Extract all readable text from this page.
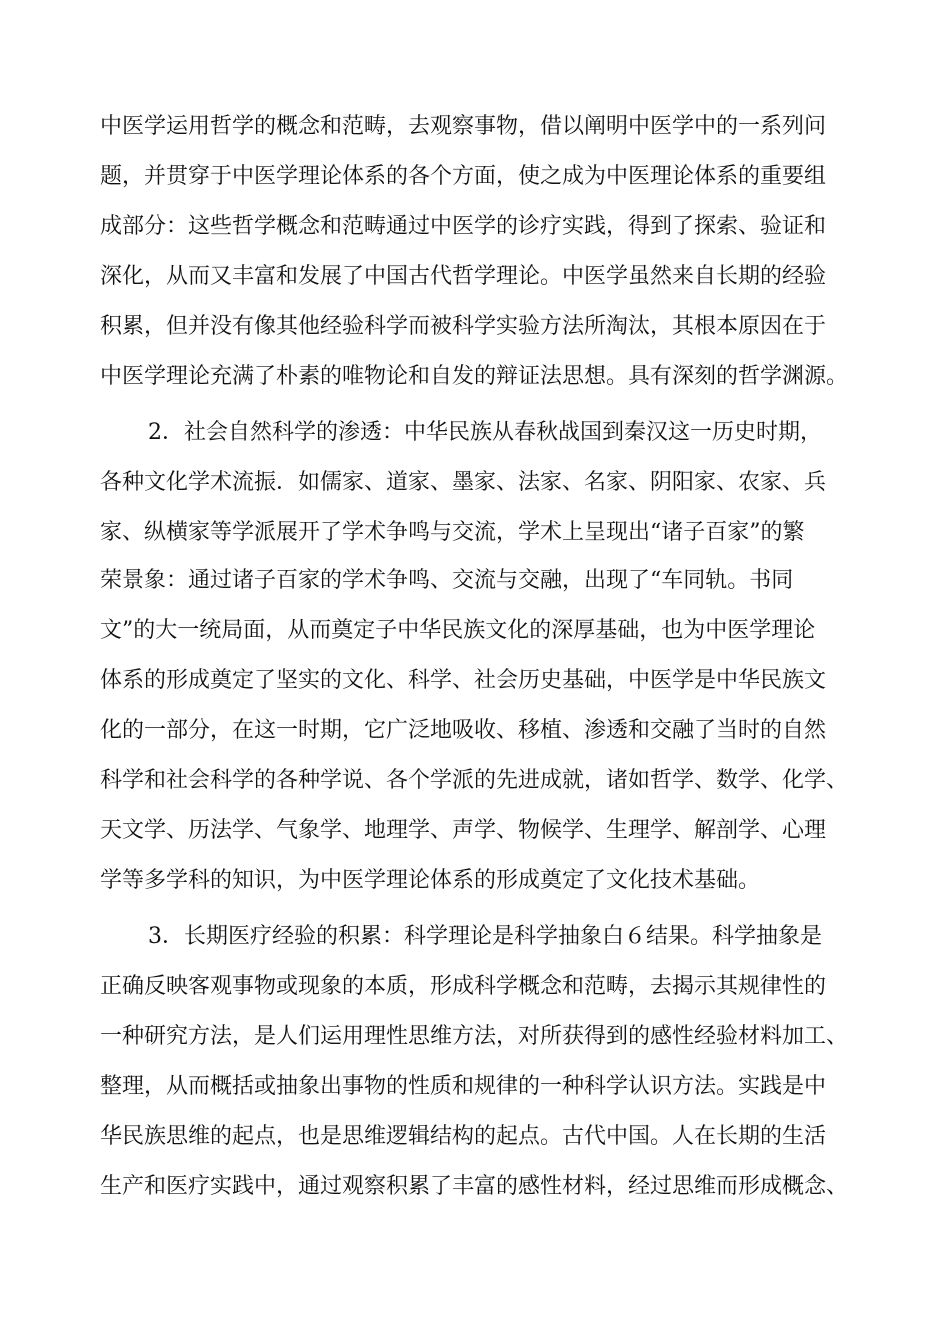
中医学运用哲学的概念和范畴，去观察事物，借以阐明中医学中的一系列问
题，并贯穿于中医学理论体系的各个方面，使之成为中医理论体系的重要组
成部分：这些哲学概念和范畴通过中医学的诊疗实践，得到了探索、验证和
深化，从而又丰富和发展了中国古代哲学理论。中医学虽然来自长期的经验
积累，但并没有像其他经验科学而被科学实验方法所淘汰，其根本原因在于
中医学理论充满了朴素的唯物论和自发的辩证法思想。具有深刻的哲学渊源。
2．社会自然科学的渗透：中华民族从春秋战国到秦汉这一历史时期，
各种文化学术流振．如儒家、道家、墨家、法家、名家、阴阳家、农家、兵
家、纵横家等学派展开了学术争鸣与交流，学术上呈现出“诸子百家”的繁
荣景象：通过诸子百家的学术争鸣、交流与交融，出现了“车同轨。书同
文”的大一统局面，从而奠定子中华民族文化的深厚基础，也为中医学理论
体系的形成奠定了坚实的文化、科学、社会历史基础，中医学是中华民族文
化的一部分，在这一时期，它广泛地吸收、移植、渗透和交融了当时的自然
科学和社会科学的各种学说、各个学派的先进成就，诸如哲学、数学、化学、
天文学、历法学、气象学、地理学、声学、物候学、生理学、解剖学、心理
学等多学科的知识，为中医学理论体系的形成奠定了文化技术基础。
3．长期医疗经验的积累：科学理论是科学抽象白６结果。科学抽象是
正确反映客观事物或现象的本质，形成科学概念和范畴，去揭示其规律性的
一种研究方法，是人们运用理性思维方法，对所获得到的感性经验材料加工、
整理，从而概括或抽象出事物的性质和规律的一种科学认识方法。实践是中
华民族思维的起点，也是思维逻辑结构的起点。古代中国。人在长期的生活
生产和医疗实践中，通过观察积累了丰富的感性材料，经过思维而形成概念、
